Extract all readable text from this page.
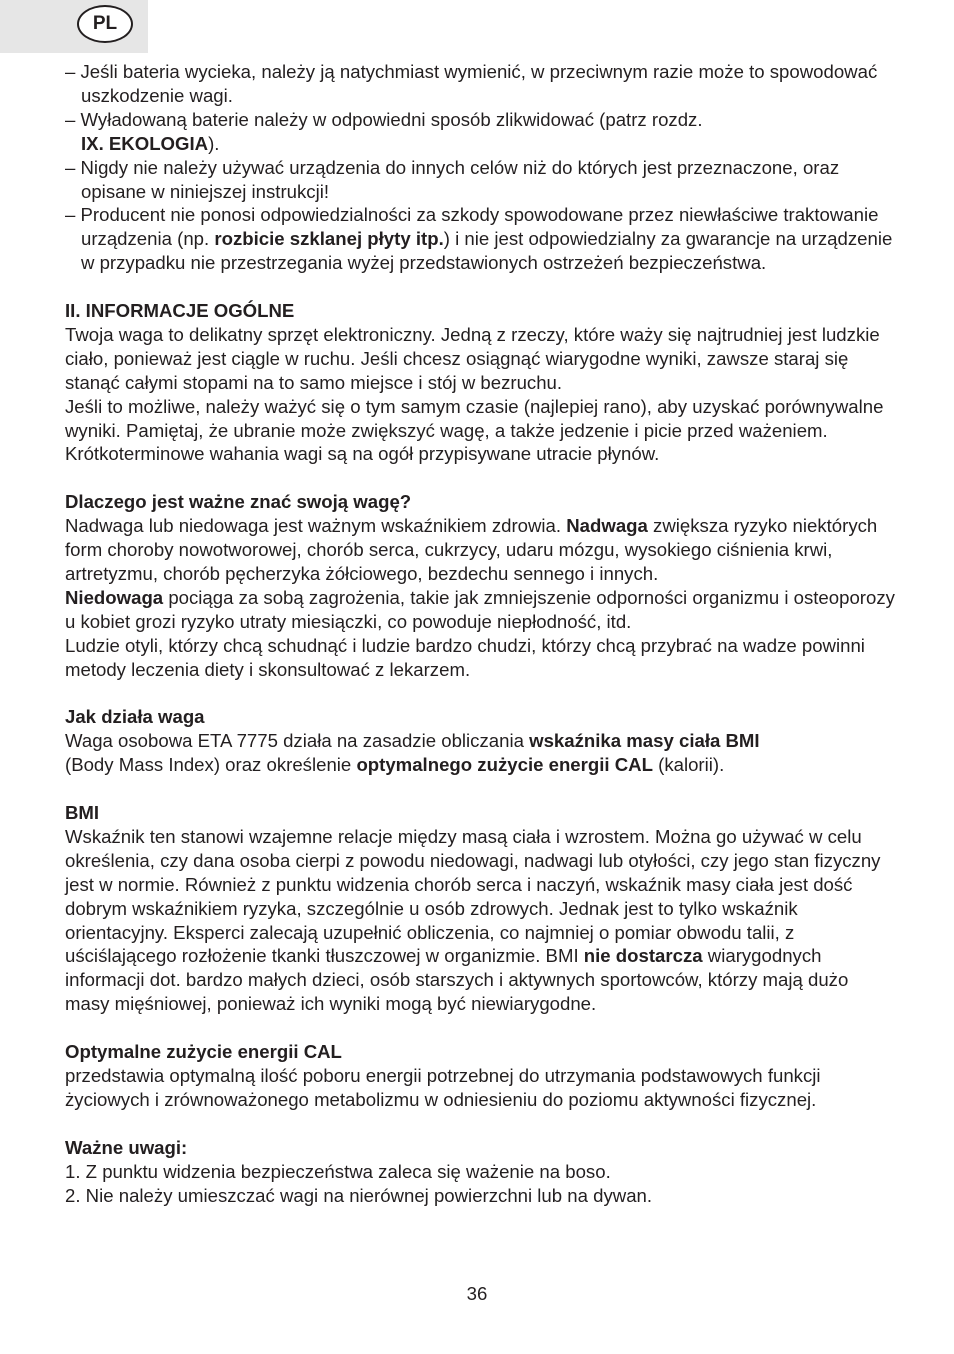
PL

– Jeśli bateria wycieka, należy ją natychmiast wymienić, w przeciwnym razie może to spowodować uszkodzenie wagi.

– Wyładowaną baterie należy w odpowiedni sposób zlikwidować (patrz rozdz.
IX. EKOLOGIA).

– Nigdy nie należy używać urządzenia do innych celów niż do których jest przeznaczone, oraz opisane w niniejszej instrukcji!

– Producent nie ponosi odpowiedzialności za szkody spowodowane przez niewłaściwe traktowanie urządzenia (np. rozbicie szklanej płyty itp.) i nie jest odpowiedzialny za gwarancje na urządzenie w przypadku nie przestrzegania wyżej przedstawionych ostrzeżeń bezpieczeństwa.

II. INFORMACJE OGÓLNE

Twoja waga to delikatny sprzęt elektroniczny. Jedną z rzeczy, które waży się najtrudniej jest ludzkie ciało, ponieważ jest ciągle w ruchu. Jeśli chcesz osiągnąć wiarygodne wyniki, zawsze staraj się stanąć całymi stopami na to samo miejsce i stój w bezruchu.

Jeśli to możliwe, należy ważyć się o tym samym czasie (najlepiej rano), aby uzyskać porównywalne wyniki. Pamiętaj, że ubranie może zwiększyć wagę, a także jedzenie i picie przed ważeniem. Krótkoterminowe wahania wagi są na ogół przypisywane utracie płynów.

Dlaczego jest ważne znać swoją wagę?

Nadwaga lub niedowaga jest ważnym wskaźnikiem zdrowia. Nadwaga zwiększa ryzyko niektórych form choroby nowotworowej, chorób serca, cukrzycy, udaru mózgu, wysokiego ciśnienia krwi, artretyzmu, chorób pęcherzyka żółciowego, bezdechu sennego i innych.
Niedowaga pociąga za sobą zagrożenia, takie jak zmniejszenie odporności organizmu i osteoporozy u kobiet grozi ryzyko utraty miesiączki, co powoduje niepłodność, itd.

Ludzie otyli, którzy chcą schudnąć i ludzie bardzo chudzi, którzy chcą przybrać na wadze powinni metody leczenia diety i skonsultować z lekarzem.

Jak działa waga

Waga osobowa ETA 7775 działa na zasadzie obliczania wskaźnika masy ciała BMI
(Body Mass Index) oraz określenie optymalnego zużycie energii CAL (kalorii).

BMI

Wskaźnik ten stanowi wzajemne relacje między masą ciała i wzrostem. Można go używać w celu określenia, czy dana osoba cierpi z powodu niedowagi, nadwagi lub otyłości, czy jego stan fizyczny jest w normie. Również z punktu widzenia chorób serca i naczyń, wskaźnik masy ciała jest dość dobrym wskaźnikiem ryzyka, szczególnie u osób zdrowych. Jednak jest to tylko wskaźnik orientacyjny. Eksperci zalecają uzupełnić obliczenia, co najmniej o pomiar obwodu talii, z uściślającego rozłożenie tkanki tłuszczowej w organizmie. BMI nie dostarcza wiarygodnych informacji dot. bardzo małych dzieci, osób starszych i aktywnych sportowców, którzy mają dużo masy mięśniowej, ponieważ ich wyniki mogą być niewiarygodne.

Optymalne zużycie energii CAL

przedstawia optymalną ilość poboru energii potrzebnej do utrzymania podstawowych funkcji życiowych i zrównoważonego metabolizmu w odniesieniu do poziomu aktywności fizycznej.

Ważne uwagi:

1. Z punktu widzenia bezpieczeństwa zaleca się ważenie na boso.

2. Nie należy umieszczać wagi na nierównej powierzchni lub na dywan.

36
